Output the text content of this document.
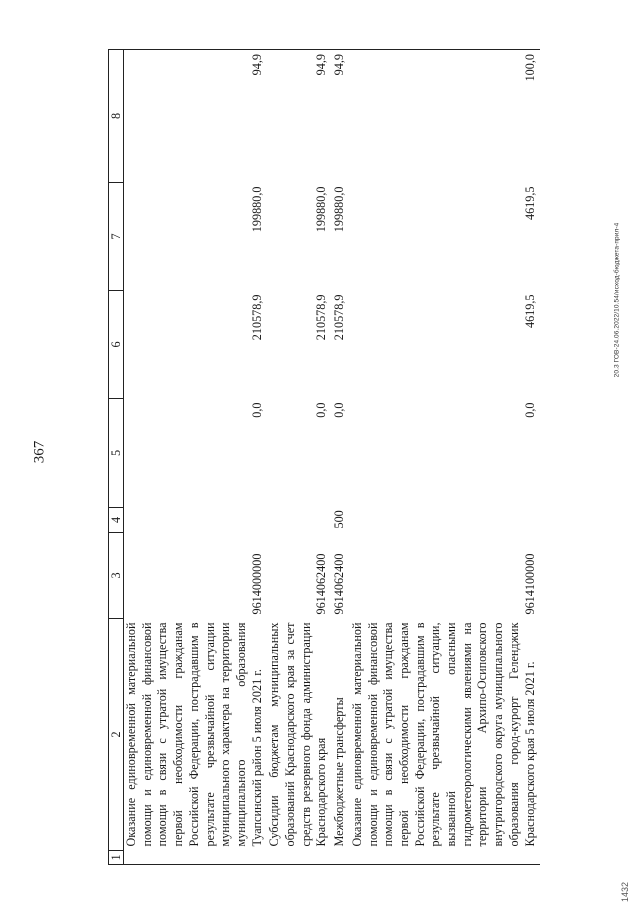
367
20.3 ГОВ-24.06.2022/10.54/исход-бюджета-прил-4
1432
1	2	3	4	5	6	7	8
	Оказание единовременной материальной помощи и единовременной финансовой помощи в связи с утратой имущества первой необходимости гражданам Российской Федерации, пострадавшим в результате чрезвычайной ситуации муниципального характера на территории муниципального образования Туапсинский район 5 июля 2021 г.	9614000000		0,0	210578,9	199880,0	94,9
	Субсидии бюджетам муниципальных образований Краснодарского края за счет средств резервного фонда администрации Краснодарского края	9614062400		0,0	210578,9	199880,0	94,9
	Межбюджетные трансферты	9614062400	500	0,0	210578,9	199880,0	94,9
	Оказание единовременной материальной помощи и единовременной финансовой помощи в связи с утратой имущества первой необходимости гражданам Российской Федерации, пострадавшим в результате чрезвычайной ситуации, вызванной опасными гидрометеорологическими явлениями на территории Архипо-Осиповского внутригородского округа муниципального образования город-курорт Геленджик Краснодарского края 5 июля 2021 г.	9614100000		0,0	4619,5	4619,5	100,0
